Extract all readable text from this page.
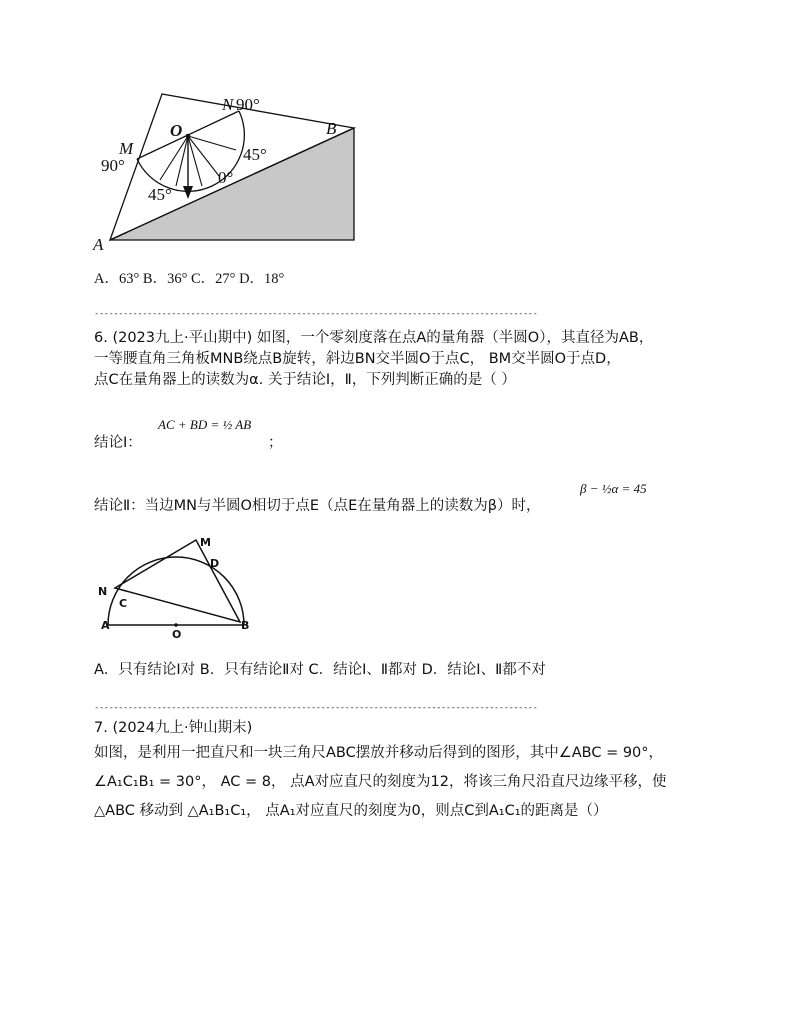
N 90°
O	B
M
90°
45°
0°
45°
A
A．63° B．36° C．27° D．18°
--------------------------------------------------------------------------------------------
6. (2023九上·平山期中) 如图，一个零刻度落在点A的量角器（半圆O），其直径为AB，
一等腰直角三角板MNB绕点B旋转，斜边BN交半圆O于点C， BM交半圆O于点D，
点C在量角器上的读数为α. 关于结论Ⅰ，Ⅱ，下列判断正确的是（ ）
结论Ⅰ：
AC + BD = ½ AB
；
β − ½α = 45
结论Ⅱ：当边MN与半圆O相切于点E（点E在量角器上的读数为β）时，
M
D
N
C
A
O
B
A．只有结论Ⅰ对 B．只有结论Ⅱ对 C．结论Ⅰ、Ⅱ都对 D．结论Ⅰ、Ⅱ都不对
--------------------------------------------------------------------------------------------
7. (2024九上·钟山期末)
如图，是利用一把直尺和一块三角尺ABC摆放并移动后得到的图形，其中∠ABC = 90°，
∠A₁C₁B₁ = 30°， AC = 8， 点A对应直尺的刻度为12，将该三角尺沿直尺边缘平移，使
△ABC 移动到 △A₁B₁C₁， 点A₁对应直尺的刻度为0，则点C到A₁C₁的距离是（）
